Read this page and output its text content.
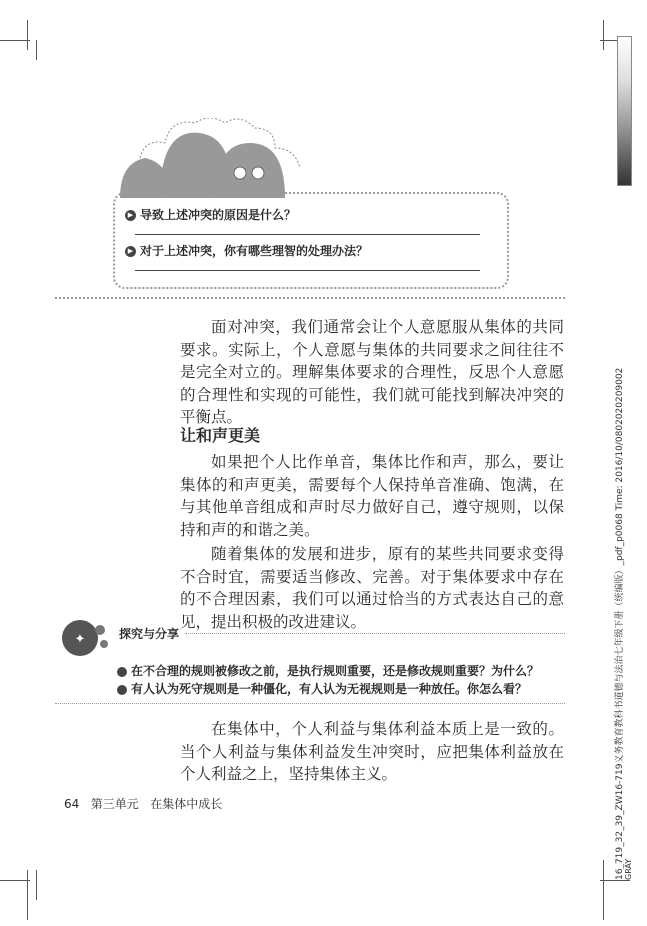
▶ 导致上述冲突的原因是什么？
▶ 对于上述冲突，你有哪些理智的处理办法？
面对冲突，我们通常会让个人意愿服从集体的共同要求。实际上，个人意愿与集体的共同要求之间往往不是完全对立的。理解集体要求的合理性，反思个人意愿的合理性和实现的可能性，我们就可能找到解决冲突的平衡点。
让和声更美
如果把个人比作单音，集体比作和声，那么，要让集体的和声更美，需要每个人保持单音准确、饱满，在与其他单音组成和声时尽力做好自己，遵守规则，以保持和声的和谐之美。
随着集体的发展和进步，原有的某些共同要求变得不合时宜，需要适当修改、完善。对于集体要求中存在的不合理因素，我们可以通过恰当的方式表达自己的意见，提出积极的改进建议。
✦	探究与分享
在不合理的规则被修改之前，是执行规则重要，还是修改规则重要？为什么？
有人认为死守规则是一种僵化，有人认为无视规则是一种放任。你怎么看？
在集体中，个人利益与集体利益本质上是一致的。当个人利益与集体利益发生冲突时，应把集体利益放在个人利益之上，坚持集体主义。
64 第三单元 在集体中成长	16_719_32_39_ZW16-719义务教育教科书道德与法治七年级下册（统编版）_pdf_p0068 Time: 2016/10/0802020209002 GRAY
